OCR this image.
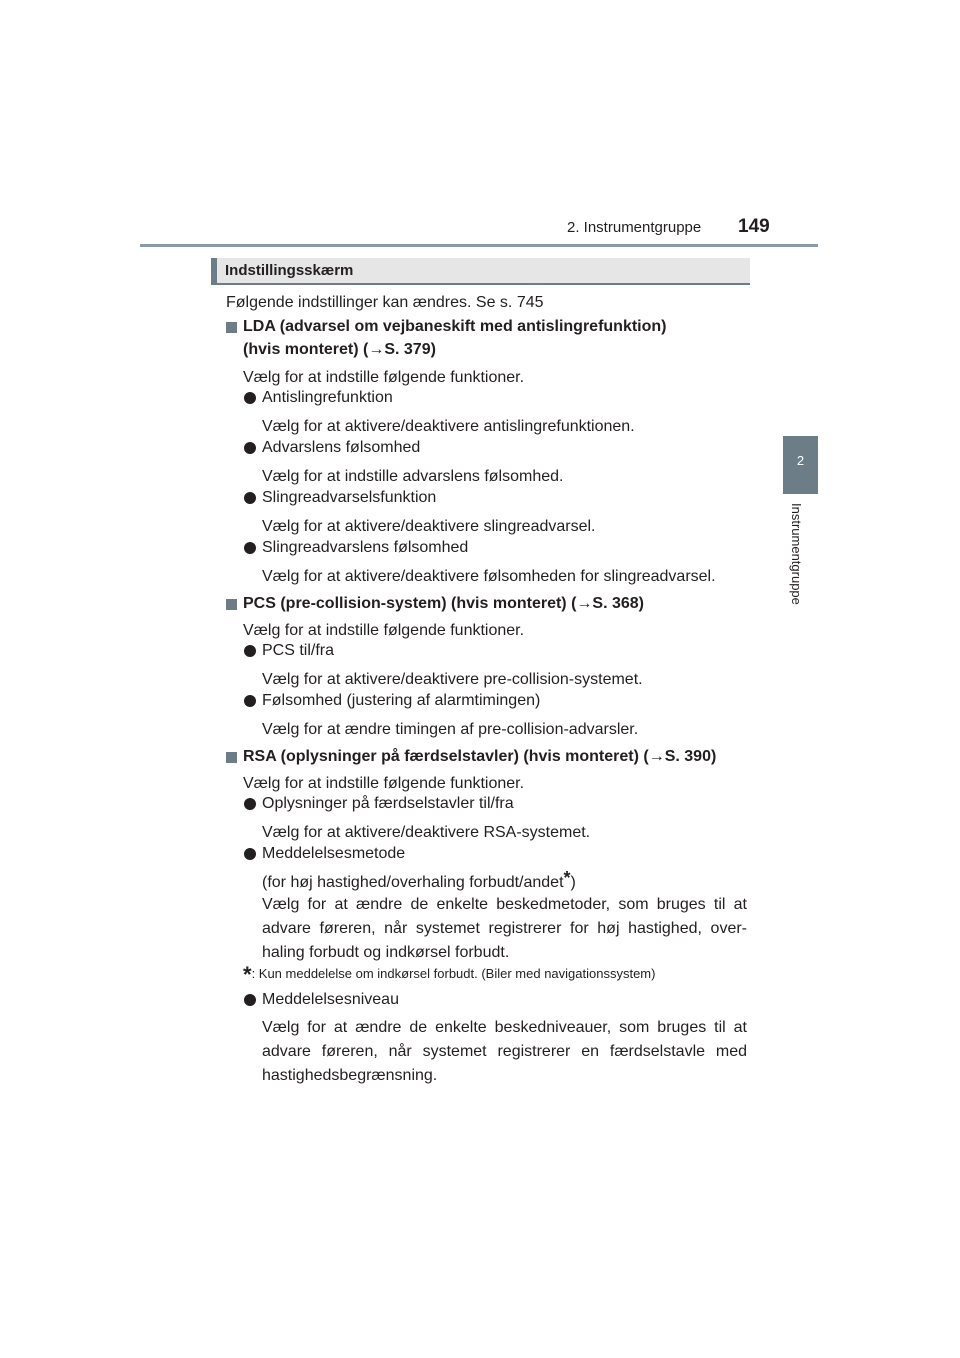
2. Instrumentgruppe 149
2
Instrumentgruppe
Indstillingsskærm
Følgende indstillinger kan ændres. Se s. 745
LDA (advarsel om vejbaneskift med antislingrefunktion)
(hvis monteret) (→S. 379)
Vælg for at indstille følgende funktioner.
Antislingrefunktion
Vælg for at aktivere/deaktivere antislingrefunktionen.
Advarslens følsomhed
Vælg for at indstille advarslens følsomhed.
Slingreadvarselsfunktion
Vælg for at aktivere/deaktivere slingreadvarsel.
Slingreadvarslens følsomhed
Vælg for at aktivere/deaktivere følsomheden for slingreadvarsel.
PCS (pre-collision-system) (hvis monteret) (→S. 368)
Vælg for at indstille følgende funktioner.
PCS til/fra
Vælg for at aktivere/deaktivere pre-collision-systemet.
Følsomhed (justering af alarmtimingen)
Vælg for at ændre timingen af pre-collision-advarsler.
RSA (oplysninger på færdselstavler) (hvis monteret) (→S. 390)
Vælg for at indstille følgende funktioner.
Oplysninger på færdselstavler til/fra
Vælg for at aktivere/deaktivere RSA-systemet.
Meddelelsesmetode
(for høj hastighed/overhaling forbudt/andet*)
Vælg for at ændre de enkelte beskedmetoder, som bruges til at advare føreren, når systemet registrerer for høj hastighed, over-haling forbudt og indkørsel forbudt.
*: Kun meddelelse om indkørsel forbudt. (Biler med navigationssystem)
Meddelelsesniveau
Vælg for at ændre de enkelte beskedniveauer, som bruges til at advare føreren, når systemet registrerer en færdselstavle med hastighedsbegrænsning.
